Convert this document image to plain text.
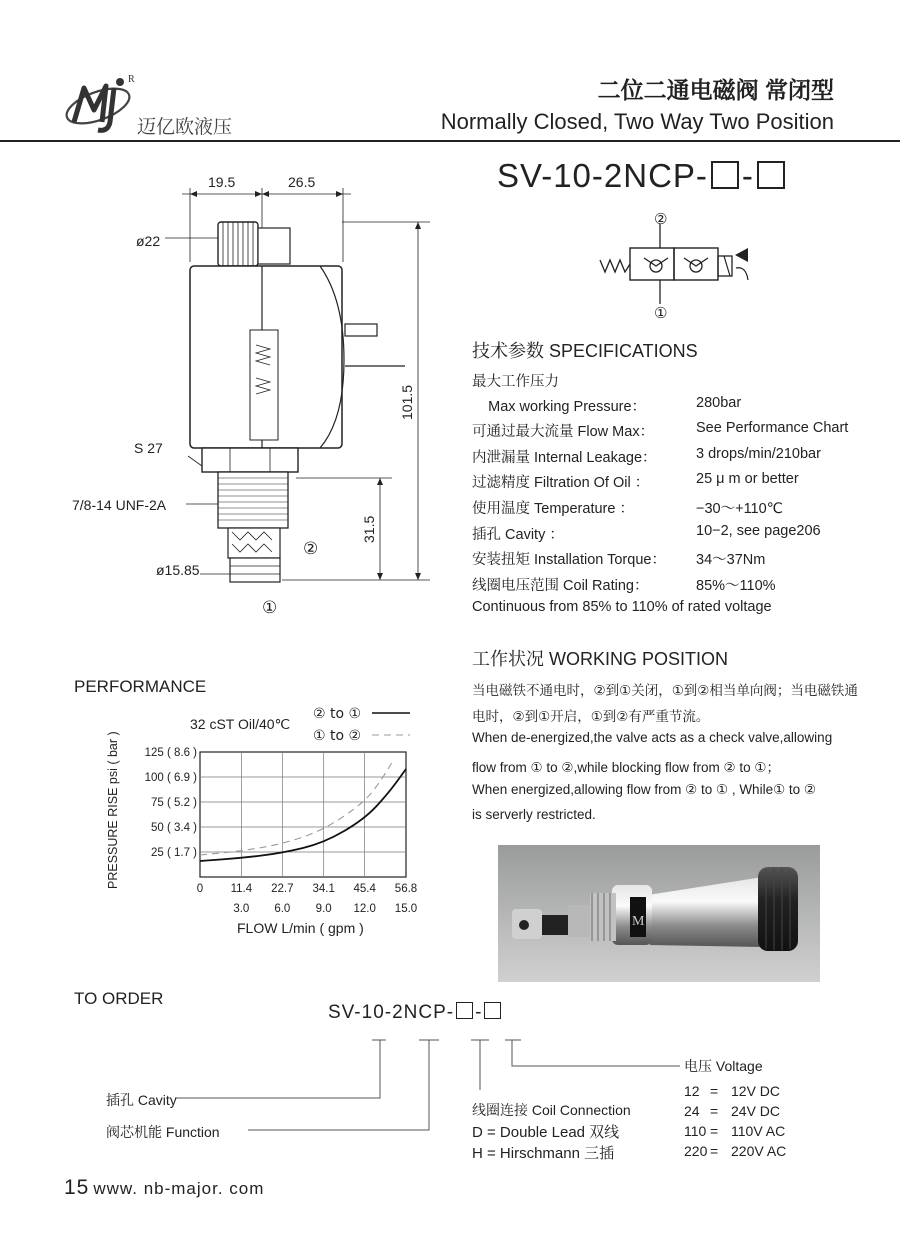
R
迈亿欧液压
二位二通电磁阀 常闭型
Normally Closed, Two Way Two Position
SV-10-2NCP- -
②
①
19.5	26.5
ø22
S 27
7/8-14 UNF-2A
ø15.85
101.5
31.5
②
①
技术参数 SPECIFICATIONS
最大工作压力
Max working Pressure：	280bar
可通过最大流量 Flow Max：	See Performance Chart
内泄漏量 Internal Leakage：	3 drops/min/210bar
过滤精度 Filtration Of Oil ：	25 μ m or better
使用温度 Temperature ：	−30～+110℃
插孔 Cavity ：	10−2, see page206
安装扭矩 Installation Torque： 34～37Nm
线圈电压范围 Coil Rating：	85%～110%
Continuous from 85% to 110% of rated voltage
工作状况 WORKING POSITION
当电磁铁不通电时，②到①关闭，①到②相当单向阀；当电磁铁通
电时，②到①开启，①到②有严重节流。
When de-energized,the valve acts as a check valve,allowing
flow from ① to ②,while blocking flow from ② to ①；
When energized,allowing flow from ② to ① , While① to ②
is serverly restricted.
M
PERFORMANCE
32 cST Oil/40℃
② to ①
① to ②
0 11.4 22.7 34.1 45.4 56.8
3.0 6.0 9.0 12.0 15.0
25 ( 1.7 )
50 ( 3.4 )
75 ( 5.2 )
100 ( 6.9 )
125 ( 8.6 )
FLOW L/min ( gpm )
PRESSURE RISE psi ( bar )
TO ORDER
SV-10-2NCP- -
插孔 Cavity
阀芯机能 Function
线圈连接 Coil Connection
D = Double Lead 双线
H = Hirschmann 三插
电压 Voltage
12 = 12V DC
24 = 24V DC
110 = 110V AC
220 = 220V AC
15 www. nb-major. com
